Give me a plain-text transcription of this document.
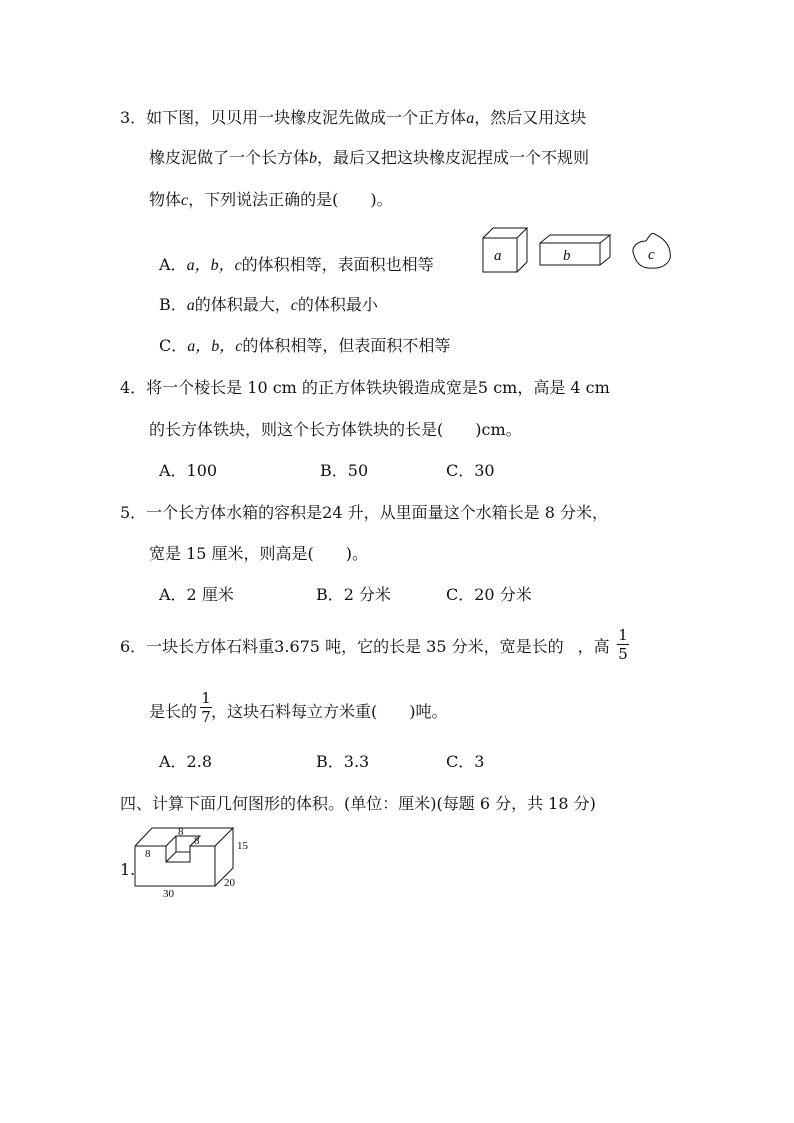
3．如下图，贝贝用一块橡皮泥先做成一个正方体a，然后又用这块
橡皮泥做了一个长方体b，最后又把这块橡皮泥捏成一个不规则
物体c，下列说法正确的是(　　)。
A．a，b，c的体积相等，表面积也相等	a	b	c
B．a的体积最大，c的体积最小
C．a，b，c的体积相等，但表面积不相等
4．将一个棱长是 10 cm 的正方体铁块锻造成宽是5 cm，高是 4 cm
的长方体铁块，则这个长方体铁块的长是(　　)cm。
A．100	B．50	C．30
5．一个长方体水箱的容积是24 升，从里面量这个水箱长是 8 分米，
宽是 15 厘米，则高是(　　)。
A．2 厘米	B．2 分米	C．20 分米
6．一块长方体石料重3.675 吨，它的长是 35 分米，宽是长的 ，高
1
5
是长的 ，这块石料每立方米重(　　)吨。
1
7
A．2.8	B．3.3	C．3
四、计算下面几何图形的体积。(单位：厘米)(每题 6 分，共 18 分)
8
8
8
15
20
30
1.
